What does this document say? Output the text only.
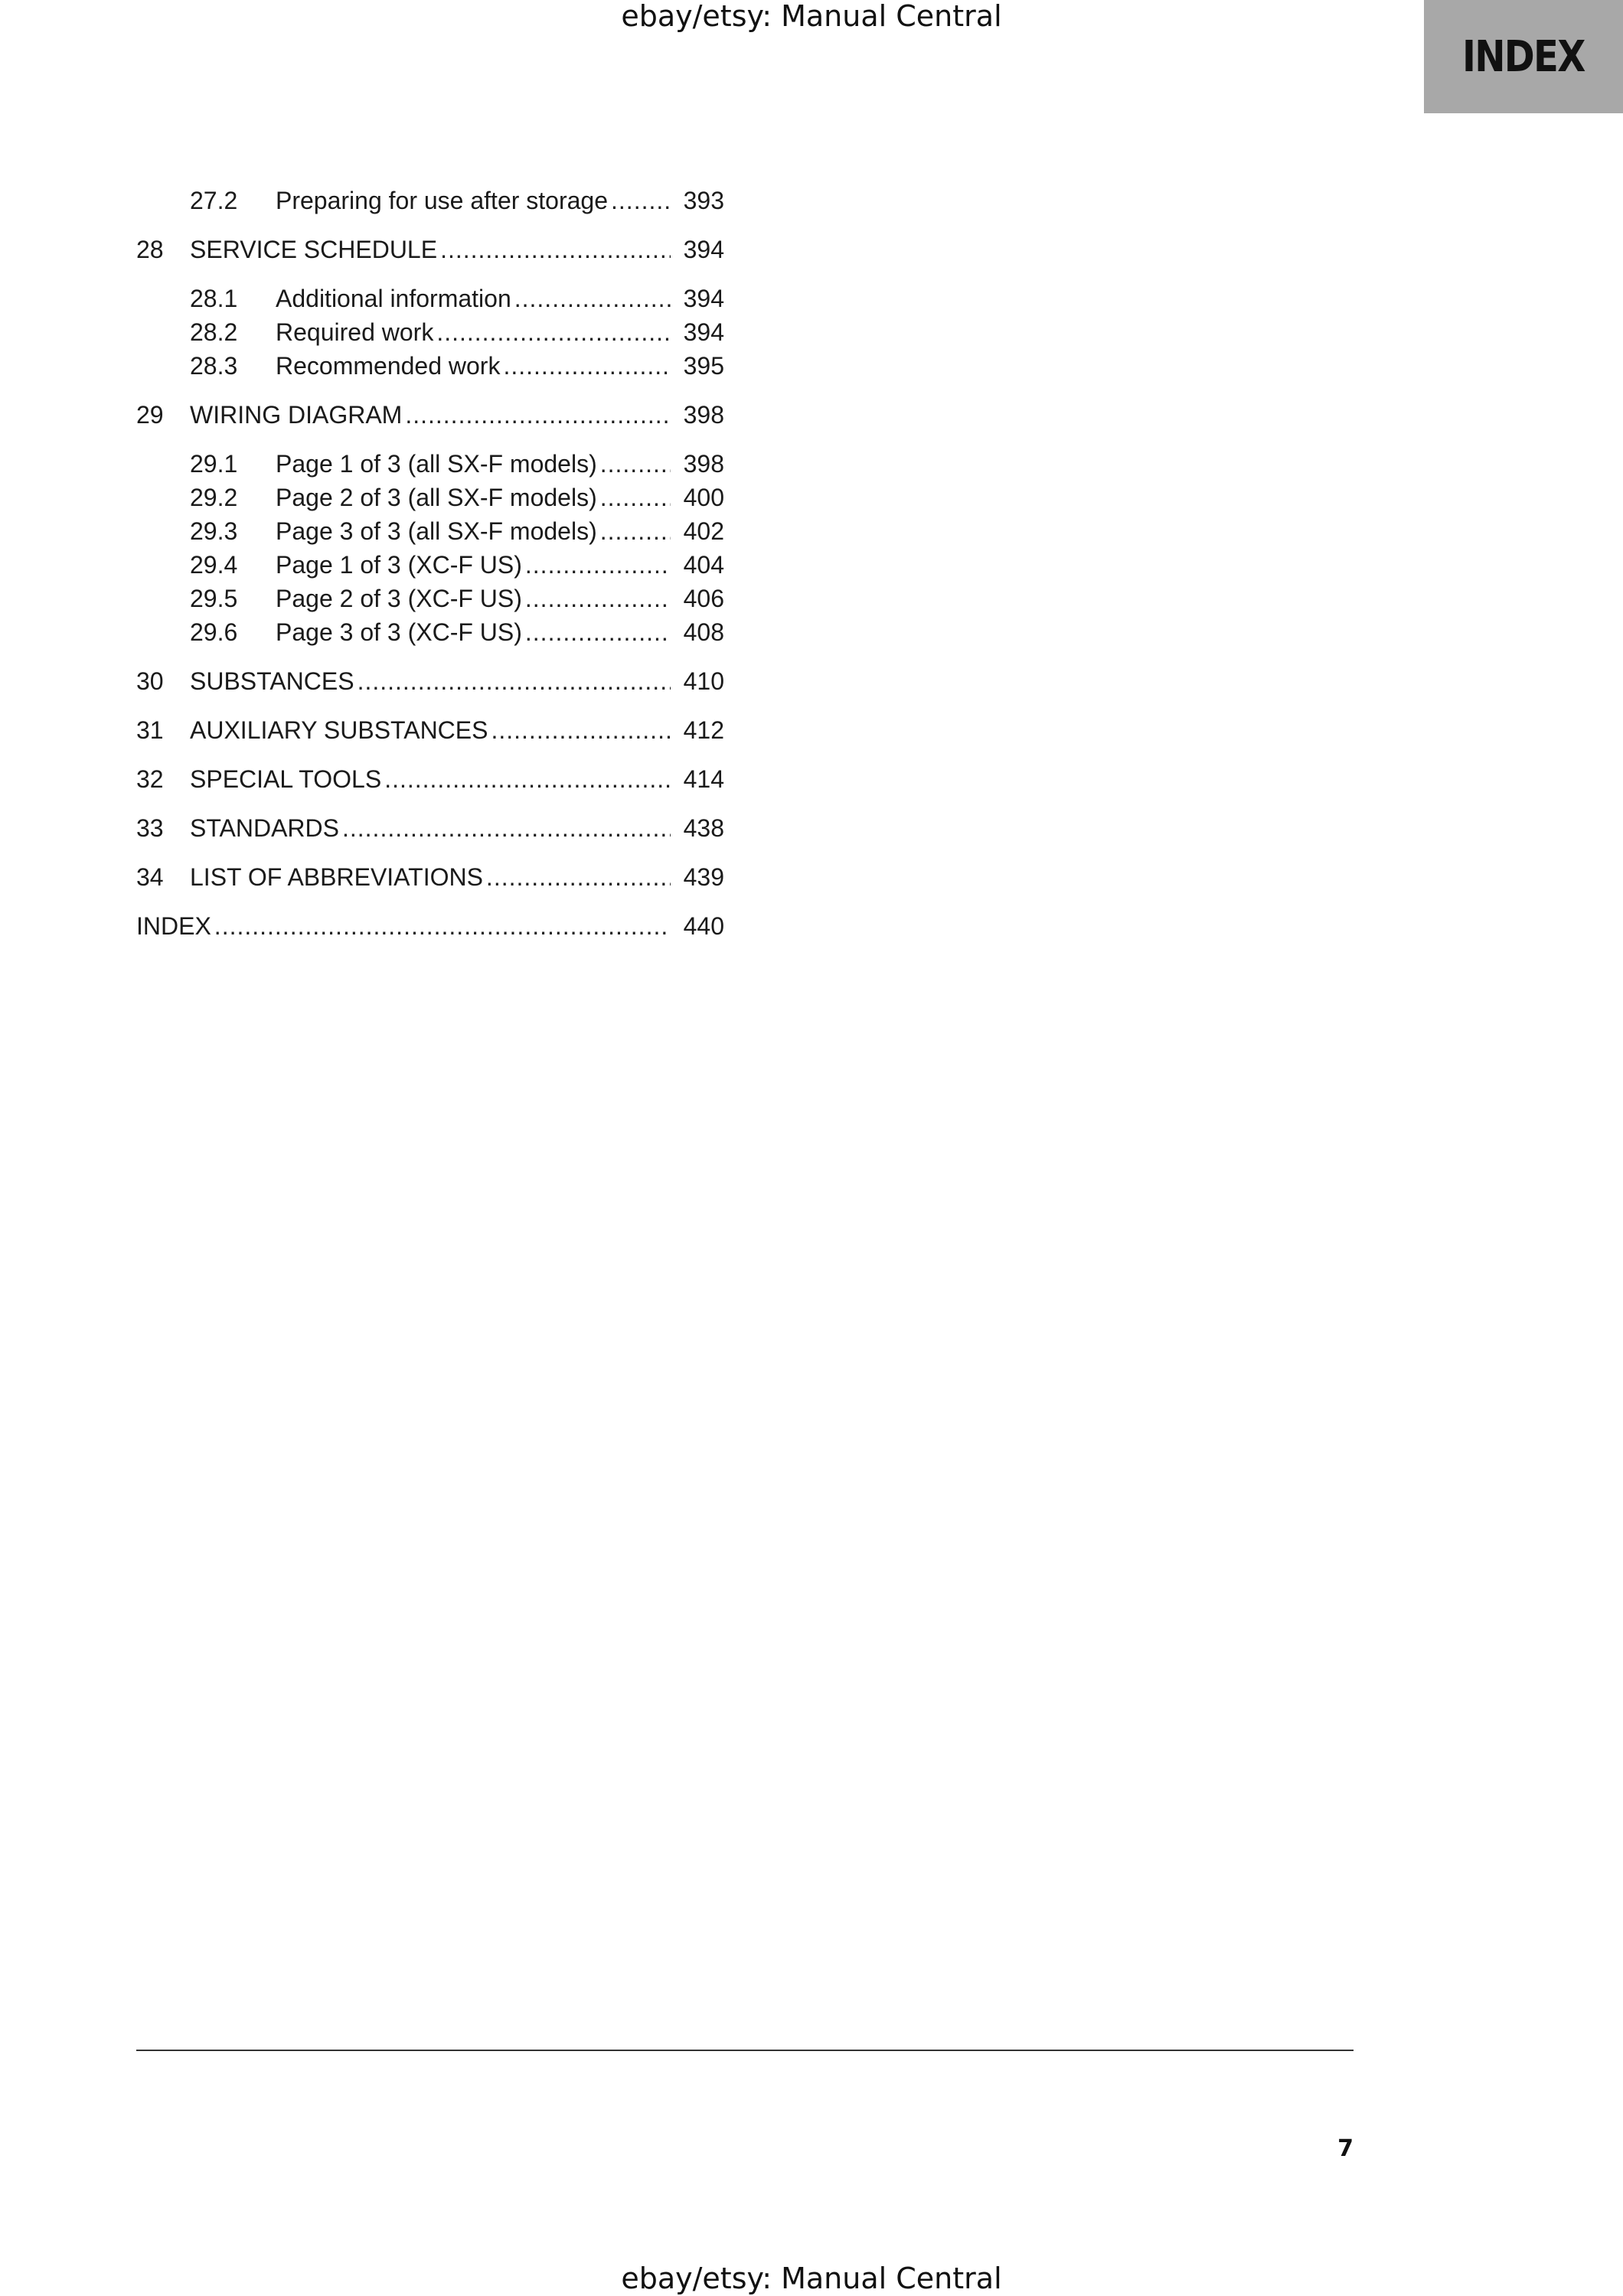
ebay/etsy: Manual Central
INDEX
27.2	Preparing for use after storage .....	393
28	SERVICE SCHEDULE .....	394
28.1	Additional information .....	394
28.2	Required work .....	394
28.3	Recommended work .....	395
29	WIRING DIAGRAM .....	398
29.1	Page 1 of 3 (all SX-F models) .....	398
29.2	Page 2 of 3 (all SX-F models) .....	400
29.3	Page 3 of 3 (all SX-F models) .....	402
29.4	Page 1 of 3 (XC-F US) .....	404
29.5	Page 2 of 3 (XC-F US) .....	406
29.6	Page 3 of 3 (XC-F US) .....	408
30	SUBSTANCES .....	410
31	AUXILIARY SUBSTANCES .....	412
32	SPECIAL TOOLS .....	414
33	STANDARDS .....	438
34	LIST OF ABBREVIATIONS .....	439
INDEX .....	440
7
ebay/etsy: Manual Central
